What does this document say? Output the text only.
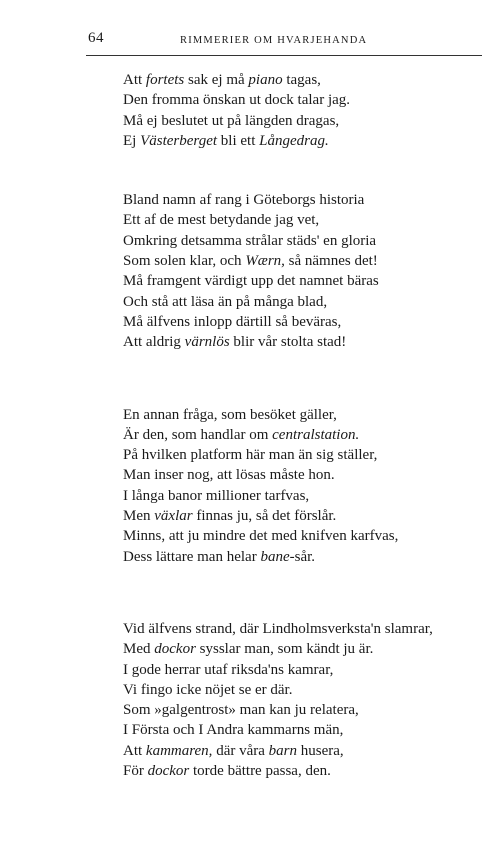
64	RIMMERIER OM HVARJEHANDA
Att fortets sak ej må piano tagas,
Den fromma önskan ut dock talar jag.
Må ej beslutet ut på längden dragas,
Ej Västerberget bli ett Långedrag.
Bland namn af rang i Göteborgs historia
Ett af de mest betydande jag vet,
Omkring detsamma strålar städs' en gloria
Som solen klar, och Wærn, så nämnes det!
Må framgent värdigt upp det namnet bäras
Och stå att läsa än på många blad,
Må älfvens inlopp därtill så beväras,
Att aldrig värnlös blir vår stolta stad!
En annan fråga, som besöket gäller,
Är den, som handlar om centralstation.
På hvilken platform här man än sig ställer,
Man inser nog, att lösas måste hon.
I långa banor millioner tarfvas,
Men växlar finnas ju, så det förslår.
Minns, att ju mindre det med knifven karfvas,
Dess lättare man helar bane-sår.
Vid älfvens strand, där Lindholmsverksta'n slamrar,
Med dockor sysslar man, som kändt ju är.
I gode herrar utaf riksda'ns kamrar,
Vi fingo icke nöjet se er där.
Som »galgentrost» man kan ju relatera,
I Första och I Andra kammarns män,
Att kammaren, där våra barn husera,
För dockor torde bättre passa, den.
